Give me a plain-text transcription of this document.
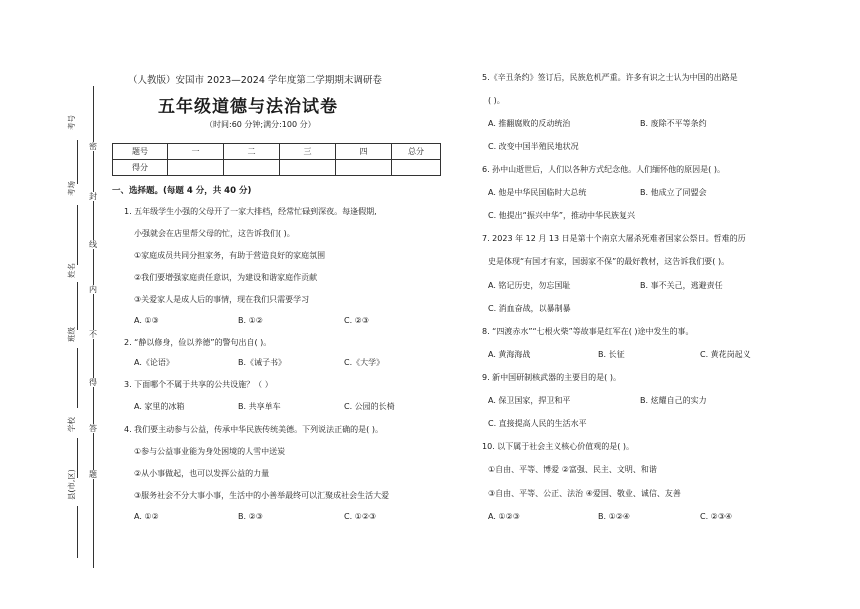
密
封
线
内
不
得
答
题
考号
考场
姓名
班级
学校
县(市,区)
（人教版）安国市 2023—2024 学年度第二学期期末调研卷
五年级道德与法治试卷
（时间:60 分钟;满分:100 分）
题号	一	二	三	四	总分
得分					
一、选择题。(每题 4 分，共 40 分)
1. 五年级学生小强的父母开了一家大排档，经常忙碌到深夜。每逢假期,
小强就会在店里帮父母的忙，这告诉我们( )。
①家庭成员共同分担家务，有助于营造良好的家庭氛围
②我们要增强家庭责任意识，为建设和谐家庭作贡献
③关爱家人是成人后的事情，现在我们只需要学习
A. ①③	B. ①②	C. ②③
2. “静以修身，俭以养德”的警句出自( )。
A.《论语》	B.《诫子书》	C.《大学》
3. 下面哪个不属于共享的公共设施？（ ）
A. 家里的冰箱	B. 共享单车	C. 公园的长椅
4. 我们要主动参与公益，传承中华民族传统美德。下列说法正确的是( )。
①参与公益事业能为身处困境的人雪中送炭
②从小事做起，也可以发挥公益的力量
③服务社会不分大事小事，生活中的小善举最终可以汇聚成社会生活大爱
A. ①②	B. ②③	C. ①②③
5.《辛丑条约》签订后，民族危机严重。许多有识之士认为中国的出路是
( )。
A. 推翻腐败的反动统治	B. 废除不平等条约
C. 改变中国半殖民地状况
6. 孙中山逝世后，人们以各种方式纪念他。人们缅怀他的原因是( )。
A. 他是中华民国临时大总统	B. 他成立了同盟会
C. 他提出“振兴中华”，推动中华民族复兴
7. 2023 年 12 月 13 日是第十个南京大屠杀死难者国家公祭日。哲难的历
史是体现“有国才有家，国弱家不保”的最好教材，这告诉我们要( )。
A. 铭记历史，勿忘国耻	B. 事不关己，逃避责任
C. 消血奋战，以暴制暴
8. “四渡赤水”“七根火柴”等故事是红军在( )途中发生的事。
A. 黄海海战	B. 长征	C. 黄花岗起义
9. 新中国研制核武器的主要目的是( )。
A. 保卫国家，捍卫和平	B. 炫耀自己的实力
C. 直接提高人民的生活水平
10. 以下属于社会主义核心价值观的是( )。
①自由、平等、博爱 ②富强、民主、文明、和谐
③自由、平等、公正、法治 ④爱国、敬业、诚信、友善
A. ①②③	B. ①②④	C. ②③④
